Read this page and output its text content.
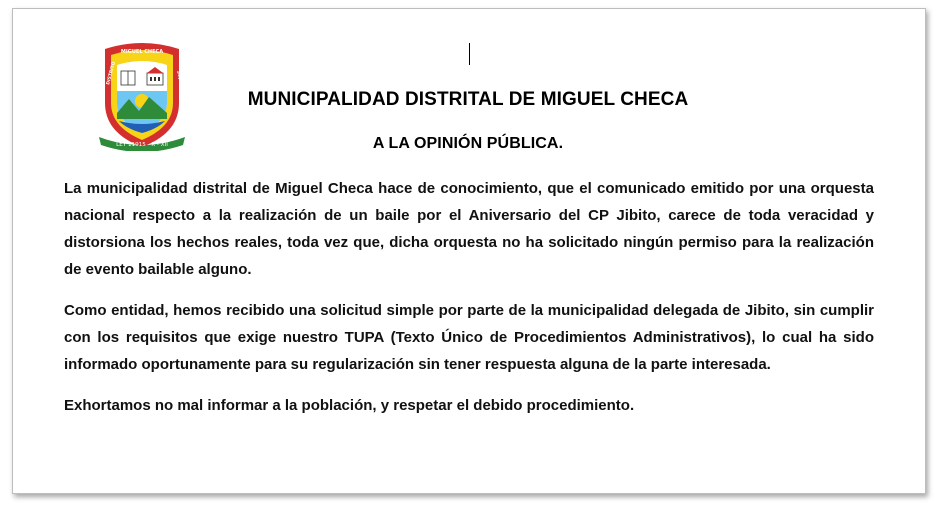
LEY 11915 - X - XII
MIGUEL CHECA
DISTRITO	SOJO
MUNICIPALIDAD DISTRITAL DE MIGUEL CHECA
A LA OPINIÓN PÚBLICA.

La municipalidad distrital de Miguel Checa hace de conocimiento, que el comunicado emitido por una orquesta nacional respecto a la realización de un baile por el Aniversario del CP Jibito, carece de toda veracidad y distorsiona los hechos reales, toda vez que, dicha orquesta no ha solicitado ningún permiso para la realización de evento bailable alguno.

Como entidad, hemos recibido una solicitud simple por parte de la municipalidad delegada de Jibito, sin cumplir con los requisitos que exige nuestro TUPA (Texto Único de Procedimientos Administrativos), lo cual ha sido informado oportunamente para su regularización sin tener respuesta alguna de la parte interesada.

Exhortamos no mal informar a la población, y respetar el debido procedimiento.
